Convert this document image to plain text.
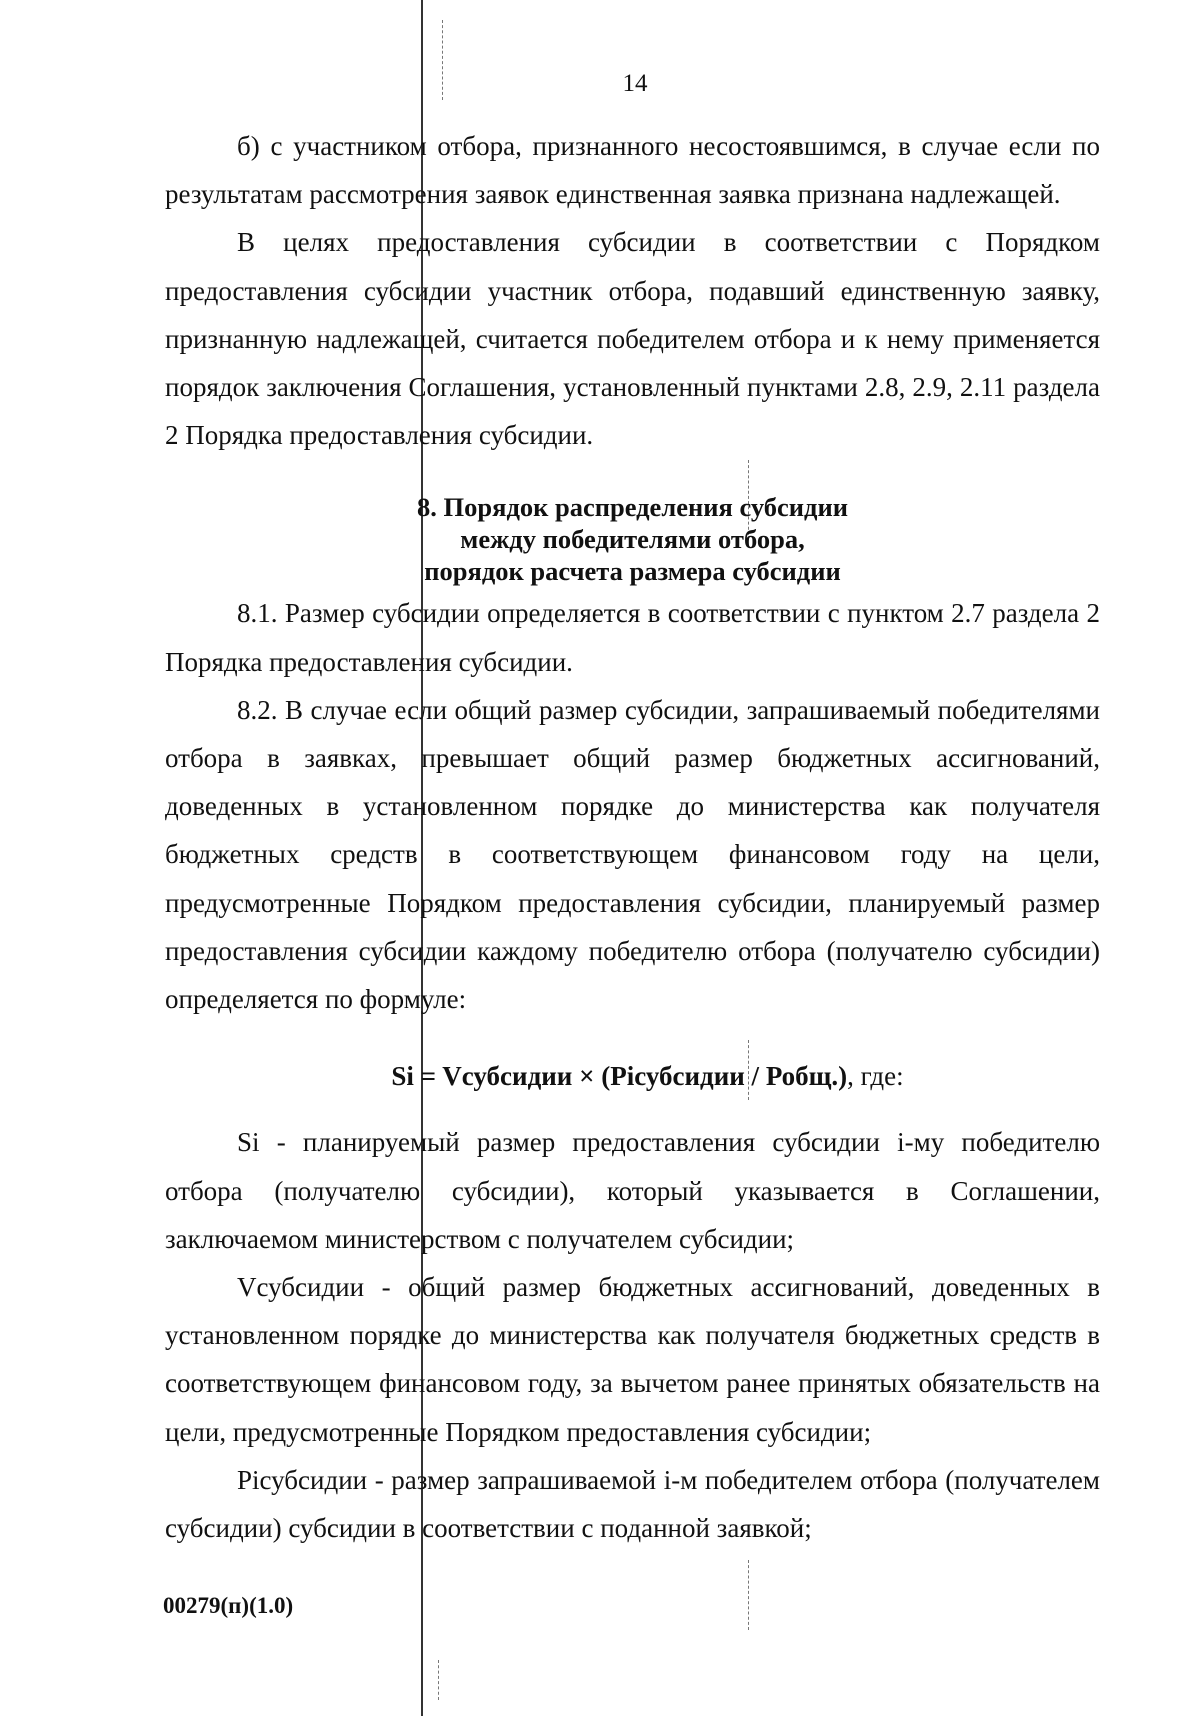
14

б) с участником отбора, признанного несостоявшимся, в случае если по результатам рассмотрения заявок единственная заявка признана надлежащей.

В целях предоставления субсидии в соответствии с Порядком предоставления субсидии участник отбора, подавший единственную заявку, признанную надлежащей, считается победителем отбора и к нему применяется порядок заключения Соглашения, установленный пунктами 2.8, 2.9, 2.11 раздела 2 Порядка предоставления субсидии.

8. Порядок распределения субсидии
между победителями отбора,
порядок расчета размера субсидии

8.1. Размер субсидии определяется в соответствии с пунктом 2.7 раздела 2 Порядка предоставления субсидии.

8.2. В случае если общий размер субсидии, запрашиваемый победителями отбора в заявках, превышает общий размер бюджетных ассигнований, доведенных в установленном порядке до министерства как получателя бюджетных средств в соответствующем финансовом году на цели, предусмотренные Порядком предоставления субсидии, планируемый размер предоставления субсидии каждому победителю отбора (получателю субсидии) определяется по формуле:

Si = Vсубсидии × (Piсубсидии / Робщ.), где:

Si - планируемый размер предоставления субсидии i-му победителю отбора (получателю субсидии), который указывается в Соглашении, заключаемом министерством с получателем субсидии;

Vсубсидии - общий размер бюджетных ассигнований, доведенных в установленном порядке до министерства как получателя бюджетных средств в соответствующем финансовом году, за вычетом ранее принятых обязательств на цели, предусмотренные Порядком предоставления субсидии;

Piсубсидии - размер запрашиваемой i-м победителем отбора (получателем субсидии) субсидии в соответствии с поданной заявкой;

00279(п)(1.0)
